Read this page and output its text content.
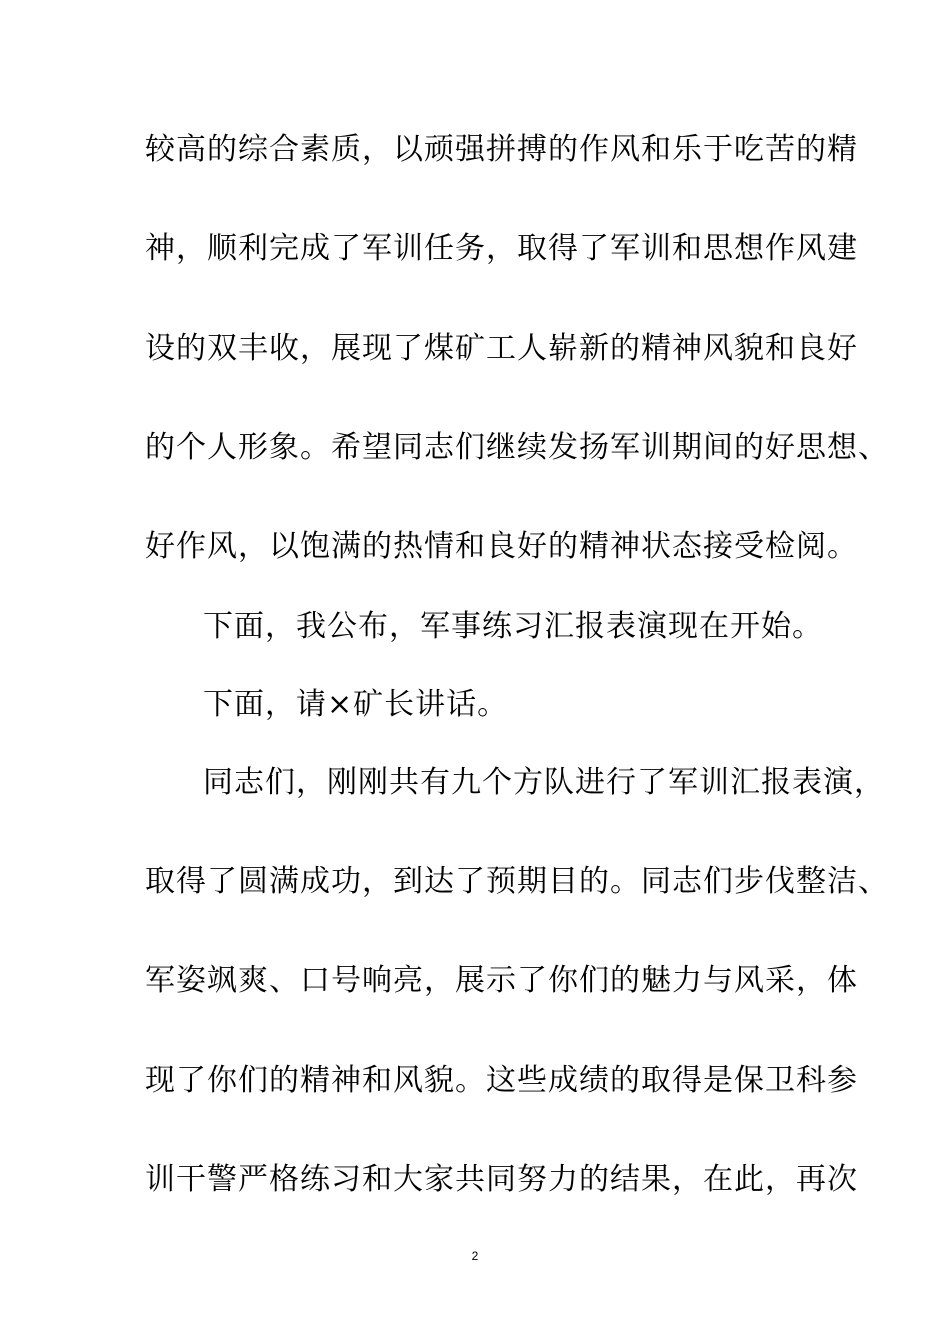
较高的综合素质，以顽强拼搏的作风和乐于吃苦的精
神，顺利完成了军训任务，取得了军训和思想作风建
设的双丰收，展现了煤矿工人崭新的精神风貌和良好
的个人形象。希望同志们继续发扬军训期间的好思想、
好作风，以饱满的热情和良好的精神状态接受检阅。
下面，我公布，军事练习汇报表演现在开始。
下面，请×矿长讲话。
同志们，刚刚共有九个方队进行了军训汇报表演，
取得了圆满成功，到达了预期目的。同志们步伐整洁、
军姿飒爽、口号响亮，展示了你们的魅力与风采，体
现了你们的精神和风貌。这些成绩的取得是保卫科参
训干警严格练习和大家共同努力的结果，在此，再次
2
